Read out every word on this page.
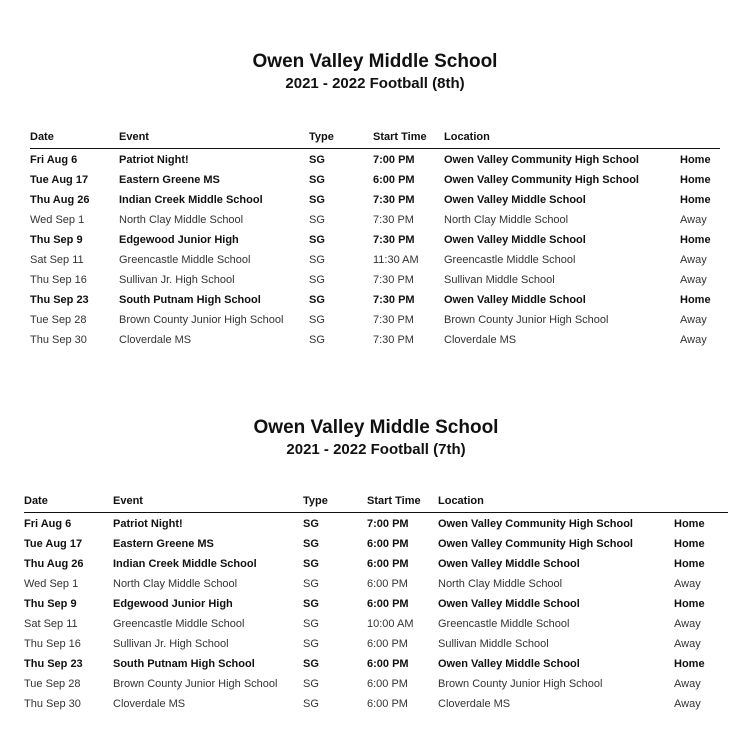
Owen Valley Middle School
2021 - 2022 Football (8th)
Date	Event	Type	Start Time	Location
Fri Aug 6	Patriot Night!	SG	7:00 PM	Owen Valley Community High School	Home
Tue Aug 17	Eastern Greene MS	SG	6:00 PM	Owen Valley Community High School	Home
Thu Aug 26	Indian Creek Middle School	SG	7:30 PM	Owen Valley Middle School	Home
Wed Sep 1	North Clay Middle School	SG	7:30 PM	North Clay Middle School	Away
Thu Sep 9	Edgewood Junior High	SG	7:30 PM	Owen Valley Middle School	Home
Sat Sep 11	Greencastle Middle School	SG	11:30 AM	Greencastle Middle School	Away
Thu Sep 16	Sullivan Jr. High School	SG	7:30 PM	Sullivan Middle School	Away
Thu Sep 23	South Putnam High School	SG	7:30 PM	Owen Valley Middle School	Home
Tue Sep 28	Brown County Junior High School	SG	7:30 PM	Brown County Junior High School	Away
Thu Sep 30	Cloverdale MS	SG	7:30 PM	Cloverdale MS	Away
Owen Valley Middle School
2021 - 2022 Football (7th)
Date	Event	Type	Start Time	Location
Fri Aug 6	Patriot Night!	SG	7:00 PM	Owen Valley Community High School	Home
Tue Aug 17	Eastern Greene MS	SG	6:00 PM	Owen Valley Community High School	Home
Thu Aug 26	Indian Creek Middle School	SG	6:00 PM	Owen Valley Middle School	Home
Wed Sep 1	North Clay Middle School	SG	6:00 PM	North Clay Middle School	Away
Thu Sep 9	Edgewood Junior High	SG	6:00 PM	Owen Valley Middle School	Home
Sat Sep 11	Greencastle Middle School	SG	10:00 AM	Greencastle Middle School	Away
Thu Sep 16	Sullivan Jr. High School	SG	6:00 PM	Sullivan Middle School	Away
Thu Sep 23	South Putnam High School	SG	6:00 PM	Owen Valley Middle School	Home
Tue Sep 28	Brown County Junior High School	SG	6:00 PM	Brown County Junior High School	Away
Thu Sep 30	Cloverdale MS	SG	6:00 PM	Cloverdale MS	Away
